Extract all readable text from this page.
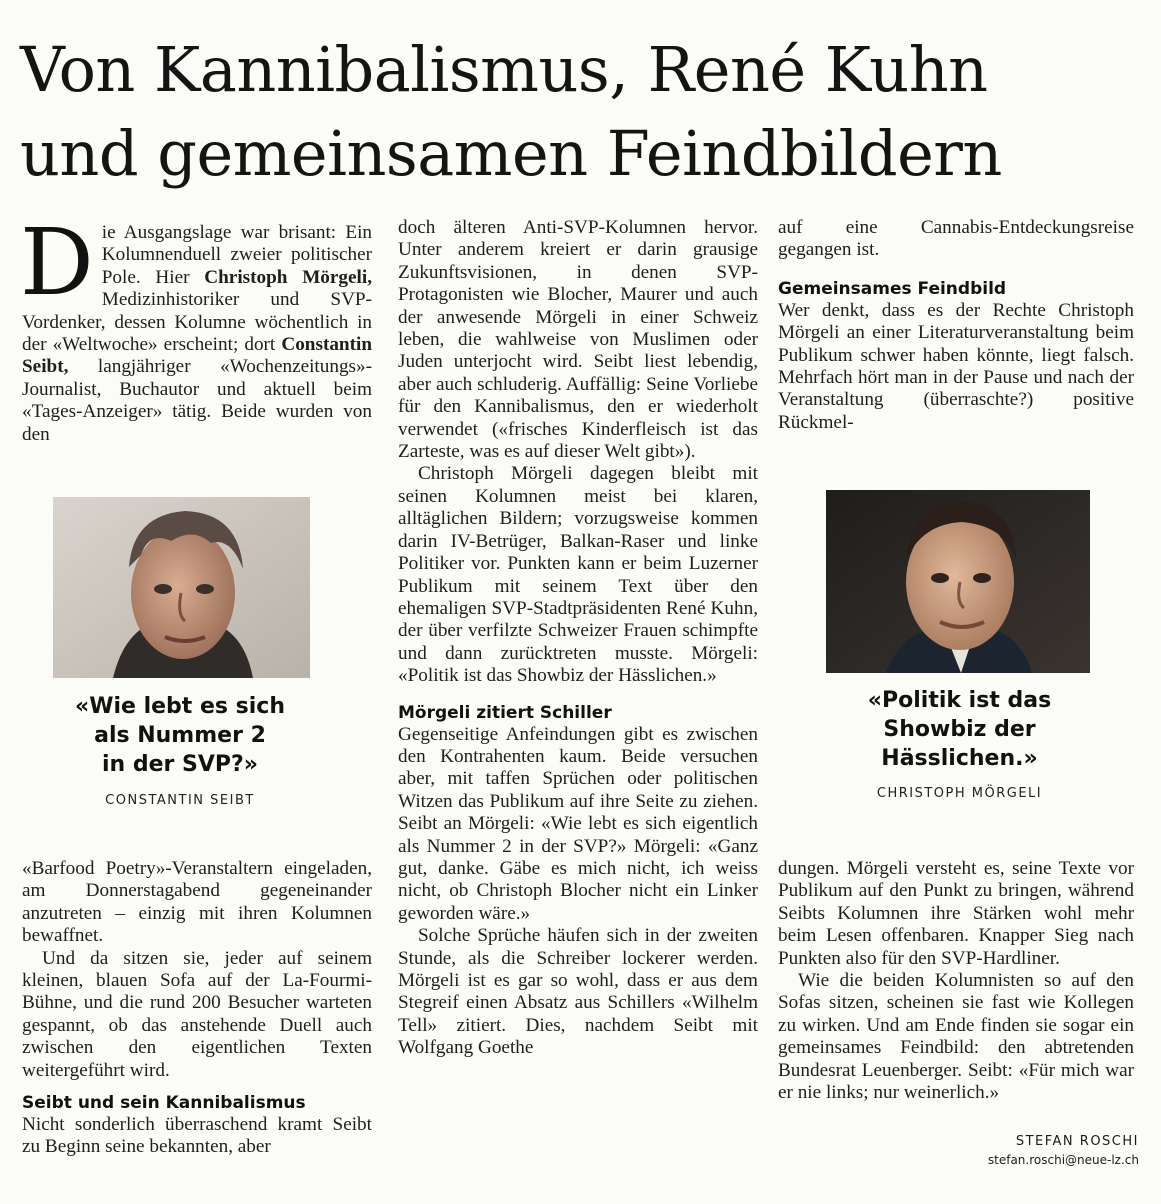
Von Kannibalismus, René Kuhn
und gemeinsamen Feindbildern

Die Ausgangslage war brisant: Ein Kolumnenduell zweier politischer Pole. Hier Christoph Mörgeli, Medizinhistoriker und SVP-Vordenker, dessen Kolumne wöchentlich in der «Weltwoche» erscheint; dort Constantin Seibt, langjähriger «Wochenzeitungs»-Journalist, Buchautor und aktuell beim «Tages-Anzeiger» tätig. Beide wurden von den

«Wie lebt es sich
als Nummer 2
in der SVP?»
CONSTANTIN SEIBT

«Barfood Poetry»-Veranstaltern eingeladen, am Donnerstagabend gegeneinander anzutreten – einzig mit ihren Kolumnen bewaffnet.

Und da sitzen sie, jeder auf seinem kleinen, blauen Sofa auf der La-Fourmi-Bühne, und die rund 200 Besucher warteten gespannt, ob das anstehende Duell auch zwischen den eigentlichen Texten weitergeführt wird.

Seibt und sein Kannibalismus

Nicht sonderlich überraschend kramt Seibt zu Beginn seine bekannten, aber

doch älteren Anti-SVP-Kolumnen hervor. Unter anderem kreiert er darin grausige Zukunftsvisionen, in denen SVP-Protagonisten wie Blocher, Maurer und auch der anwesende Mörgeli in einer Schweiz leben, die wahlweise von Muslimen oder Juden unterjocht wird. Seibt liest lebendig, aber auch schluderig. Auffällig: Seine Vorliebe für den Kannibalismus, den er wiederholt verwendet («frisches Kinderfleisch ist das Zarteste, was es auf dieser Welt gibt»).

Christoph Mörgeli dagegen bleibt mit seinen Kolumnen meist bei klaren, alltäglichen Bildern; vorzugsweise kommen darin IV-Betrüger, Balkan-Raser und linke Politiker vor. Punkten kann er beim Luzerner Publikum mit seinem Text über den ehemaligen SVP-Stadtpräsidenten René Kuhn, der über verfilzte Schweizer Frauen schimpfte und dann zurücktreten musste. Mörgeli: «Politik ist das Showbiz der Hässlichen.»

Mörgeli zitiert Schiller

Gegenseitige Anfeindungen gibt es zwischen den Kontrahenten kaum. Beide versuchen aber, mit taffen Sprüchen oder politischen Witzen das Publikum auf ihre Seite zu ziehen. Seibt an Mörgeli: «Wie lebt es sich eigentlich als Nummer 2 in der SVP?» Mörgeli: «Ganz gut, danke. Gäbe es mich nicht, ich weiss nicht, ob Christoph Blocher nicht ein Linker geworden wäre.»

Solche Sprüche häufen sich in der zweiten Stunde, als die Schreiber lockerer werden. Mörgeli ist es gar so wohl, dass er aus dem Stegreif einen Absatz aus Schillers «Wilhelm Tell» zitiert. Dies, nachdem Seibt mit Wolfgang Goethe

auf eine Cannabis-Entdeckungsreise gegangen ist.

Gemeinsames Feindbild

Wer denkt, dass es der Rechte Christoph Mörgeli an einer Literaturveranstaltung beim Publikum schwer haben könnte, liegt falsch. Mehrfach hört man in der Pause und nach der Veranstaltung (überraschte?) positive Rückmel-

«Politik ist das
Showbiz der
Hässlichen.»
CHRISTOPH MÖRGELI

dungen. Mörgeli versteht es, seine Texte vor Publikum auf den Punkt zu bringen, während Seibts Kolumnen ihre Stärken wohl mehr beim Lesen offenbaren. Knapper Sieg nach Punkten also für den SVP-Hardliner.

Wie die beiden Kolumnisten so auf den Sofas sitzen, scheinen sie fast wie Kollegen zu wirken. Und am Ende finden sie sogar ein gemeinsames Feindbild: den abtretenden Bundesrat Leuenberger. Seibt: «Für mich war er nie links; nur weinerlich.»

STEFAN ROSCHI
stefan.roschi@neue-lz.ch
